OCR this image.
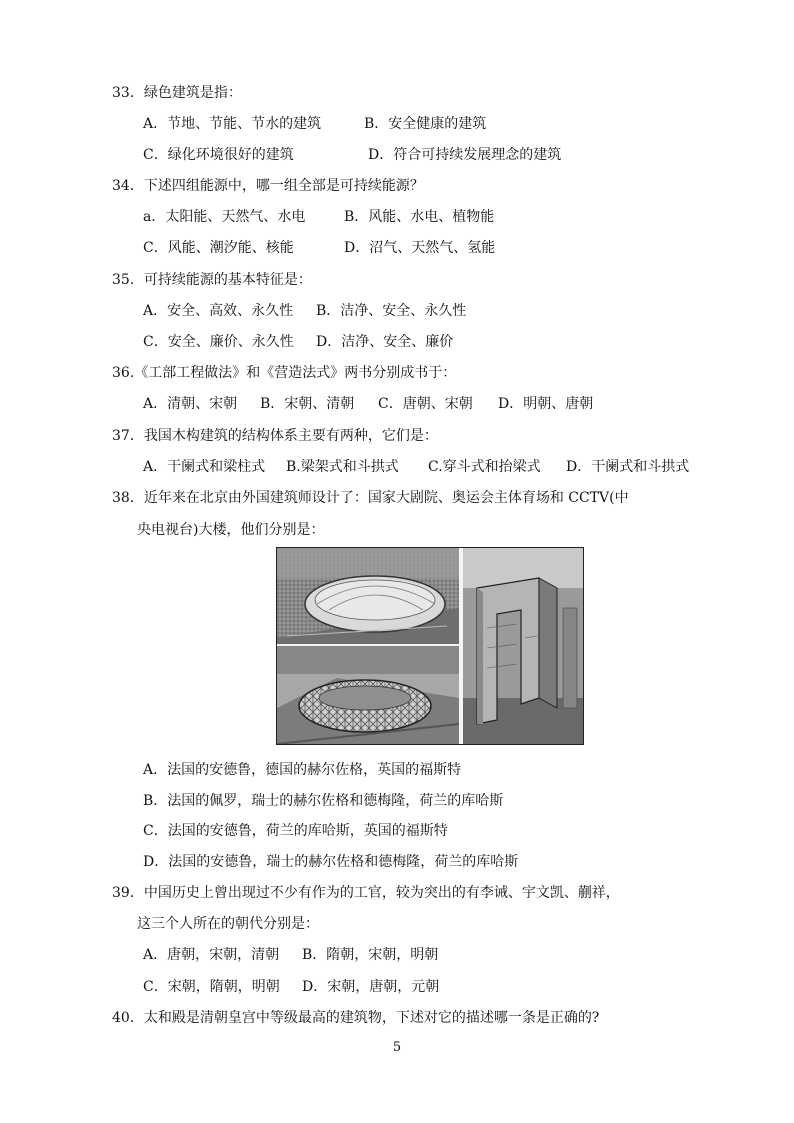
33．绿色建筑是指：
A．节地、节能、节水的建筑	B．安全健康的建筑
C．绿化环境很好的建筑	D．符合可持续发展理念的建筑
34．下述四组能源中，哪一组全部是可持续能源？
a．太阳能、天然气、水电	B．风能、水电、植物能
C．风能、潮汐能、核能	D．沼气、天然气、氢能
35．可持续能源的基本特征是：
A．安全、高效、永久性 B．洁净、安全、永久性
C．安全、廉价、永久性 D．洁净、安全、廉价
36.《工部工程做法》和《营造法式》两书分别成书于：
A．清朝、宋朝 B．宋朝、清朝 C．唐朝、宋朝 D．明朝、唐朝
37．我国木构建筑的结构体系主要有两种，它们是：
A．干阑式和梁柱式 B.梁架式和斗拱式 C.穿斗式和抬梁式 D．干阑式和斗拱式
38．近年来在北京由外国建筑师设计了：国家大剧院、奥运会主体育场和 CCTV(中
央电视台)大楼，他们分别是：
A．法国的安德鲁，德国的赫尔佐格，英国的福斯特
B．法国的佩罗，瑞士的赫尔佐格和德梅隆，荷兰的库哈斯
C．法国的安德鲁，荷兰的库哈斯，英国的福斯特
D．法国的安德鲁，瑞士的赫尔佐格和德梅隆，荷兰的库哈斯
39．中国历史上曾出现过不少有作为的工官，较为突出的有李诫、宇文凯、蒯祥，
这三个人所在的朝代分别是：
A．唐朝，宋朝，清朝 B．隋朝，宋朝，明朝
C．宋朝，隋朝，明朝 D．宋朝，唐朝，元朝
40．太和殿是清朝皇宫中等级最高的建筑物，下述对它的描述哪一条是正确的?
5
